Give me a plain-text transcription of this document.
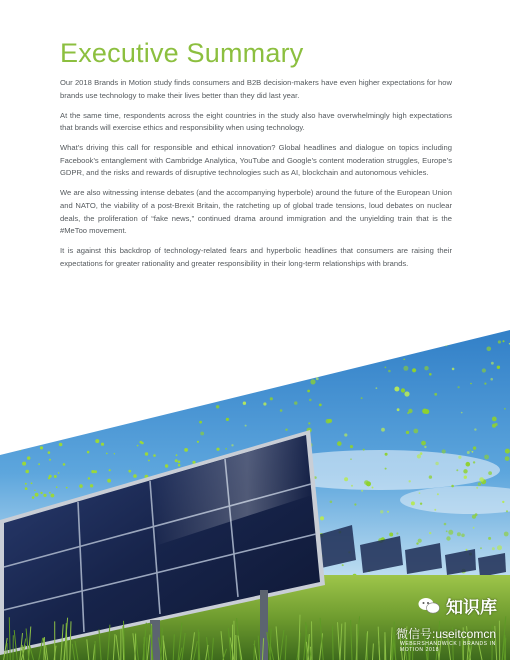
Executive Summary

Our 2018 Brands in Motion study finds consumers and B2B decision-makers have even higher expectations for how brands use technology to make their lives better than they did last year.

At the same time, respondents across the eight countries in the study also have overwhelmingly high expectations that brands will exercise ethics and responsibility when using technology.

What’s driving this call for responsible and ethical innovation? Global headlines and dialogue on topics including Facebook’s entanglement with Cambridge Analytica, YouTube and Google’s content moderation struggles, Europe’s GDPR, and the risks and rewards of disruptive technologies such as AI, blockchain and autonomous vehicles.

We are also witnessing intense debates (and the accompanying hyperbole) around the future of the European Union and NATO, the viability of a post-Brexit Britain, the ratcheting up of global trade tensions, loud debates on nuclear deals, the proliferation of “fake news,” continued drama around immigration and the unyielding train that is the #MeToo movement.

It is against this backdrop of technology-related fears and hyperbolic headlines that consumers are raising their expectations for greater rationality and greater responsibility in their long-term relationships with brands.

知识库
微信号:useitcomcn
WEBERSHANDWICK | BRANDS IN MOTION 2018
